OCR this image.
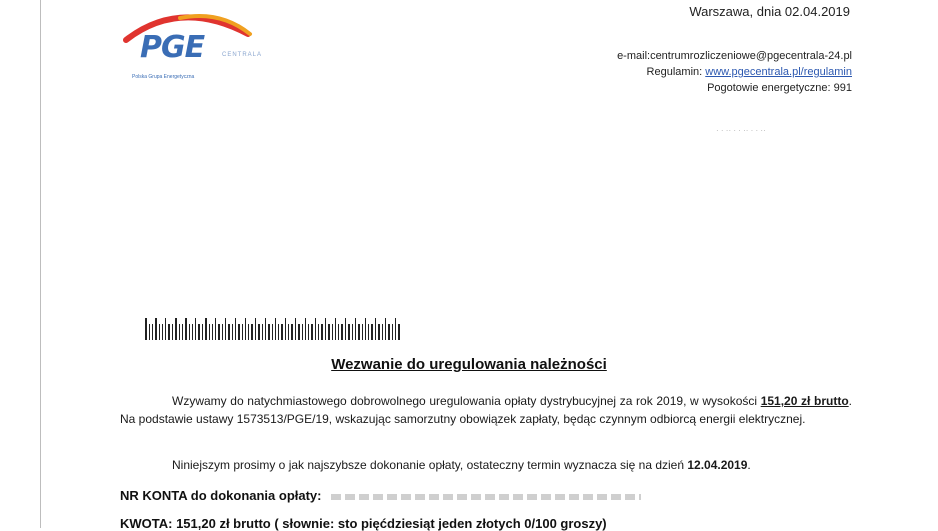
PGE	CENTRALA
Polska Grupa Energetyczna
Warszawa, dnia 02.04.2019
e-mail:centrumrozliczeniowe@pgecentrala-24.pl
Regulamin: www.pgecentrala.pl/regulamin
Pogotowie energetyczne: 991
· · ·· · · ·· · · ··
Wezwanie do uregulowania należności
Wzywamy do natychmiastowego dobrowolnego uregulowania opłaty dystrybucyjnej za rok 2019, w wysokości 151,20 zł brutto. Na podstawie ustawy 1573513/PGE/19, wskazując samorzutny obowiązek zapłaty, będąc czynnym odbiorcą energii elektrycznej.
Niniejszym prosimy o jak najszybsze dokonanie opłaty, ostateczny termin wyznacza się na dzień 12.04.2019.
NR KONTA do dokonania opłaty:
KWOTA: 151,20 zł brutto ( słownie: sto pięćdziesiąt jeden złotych 0/100 groszy)
